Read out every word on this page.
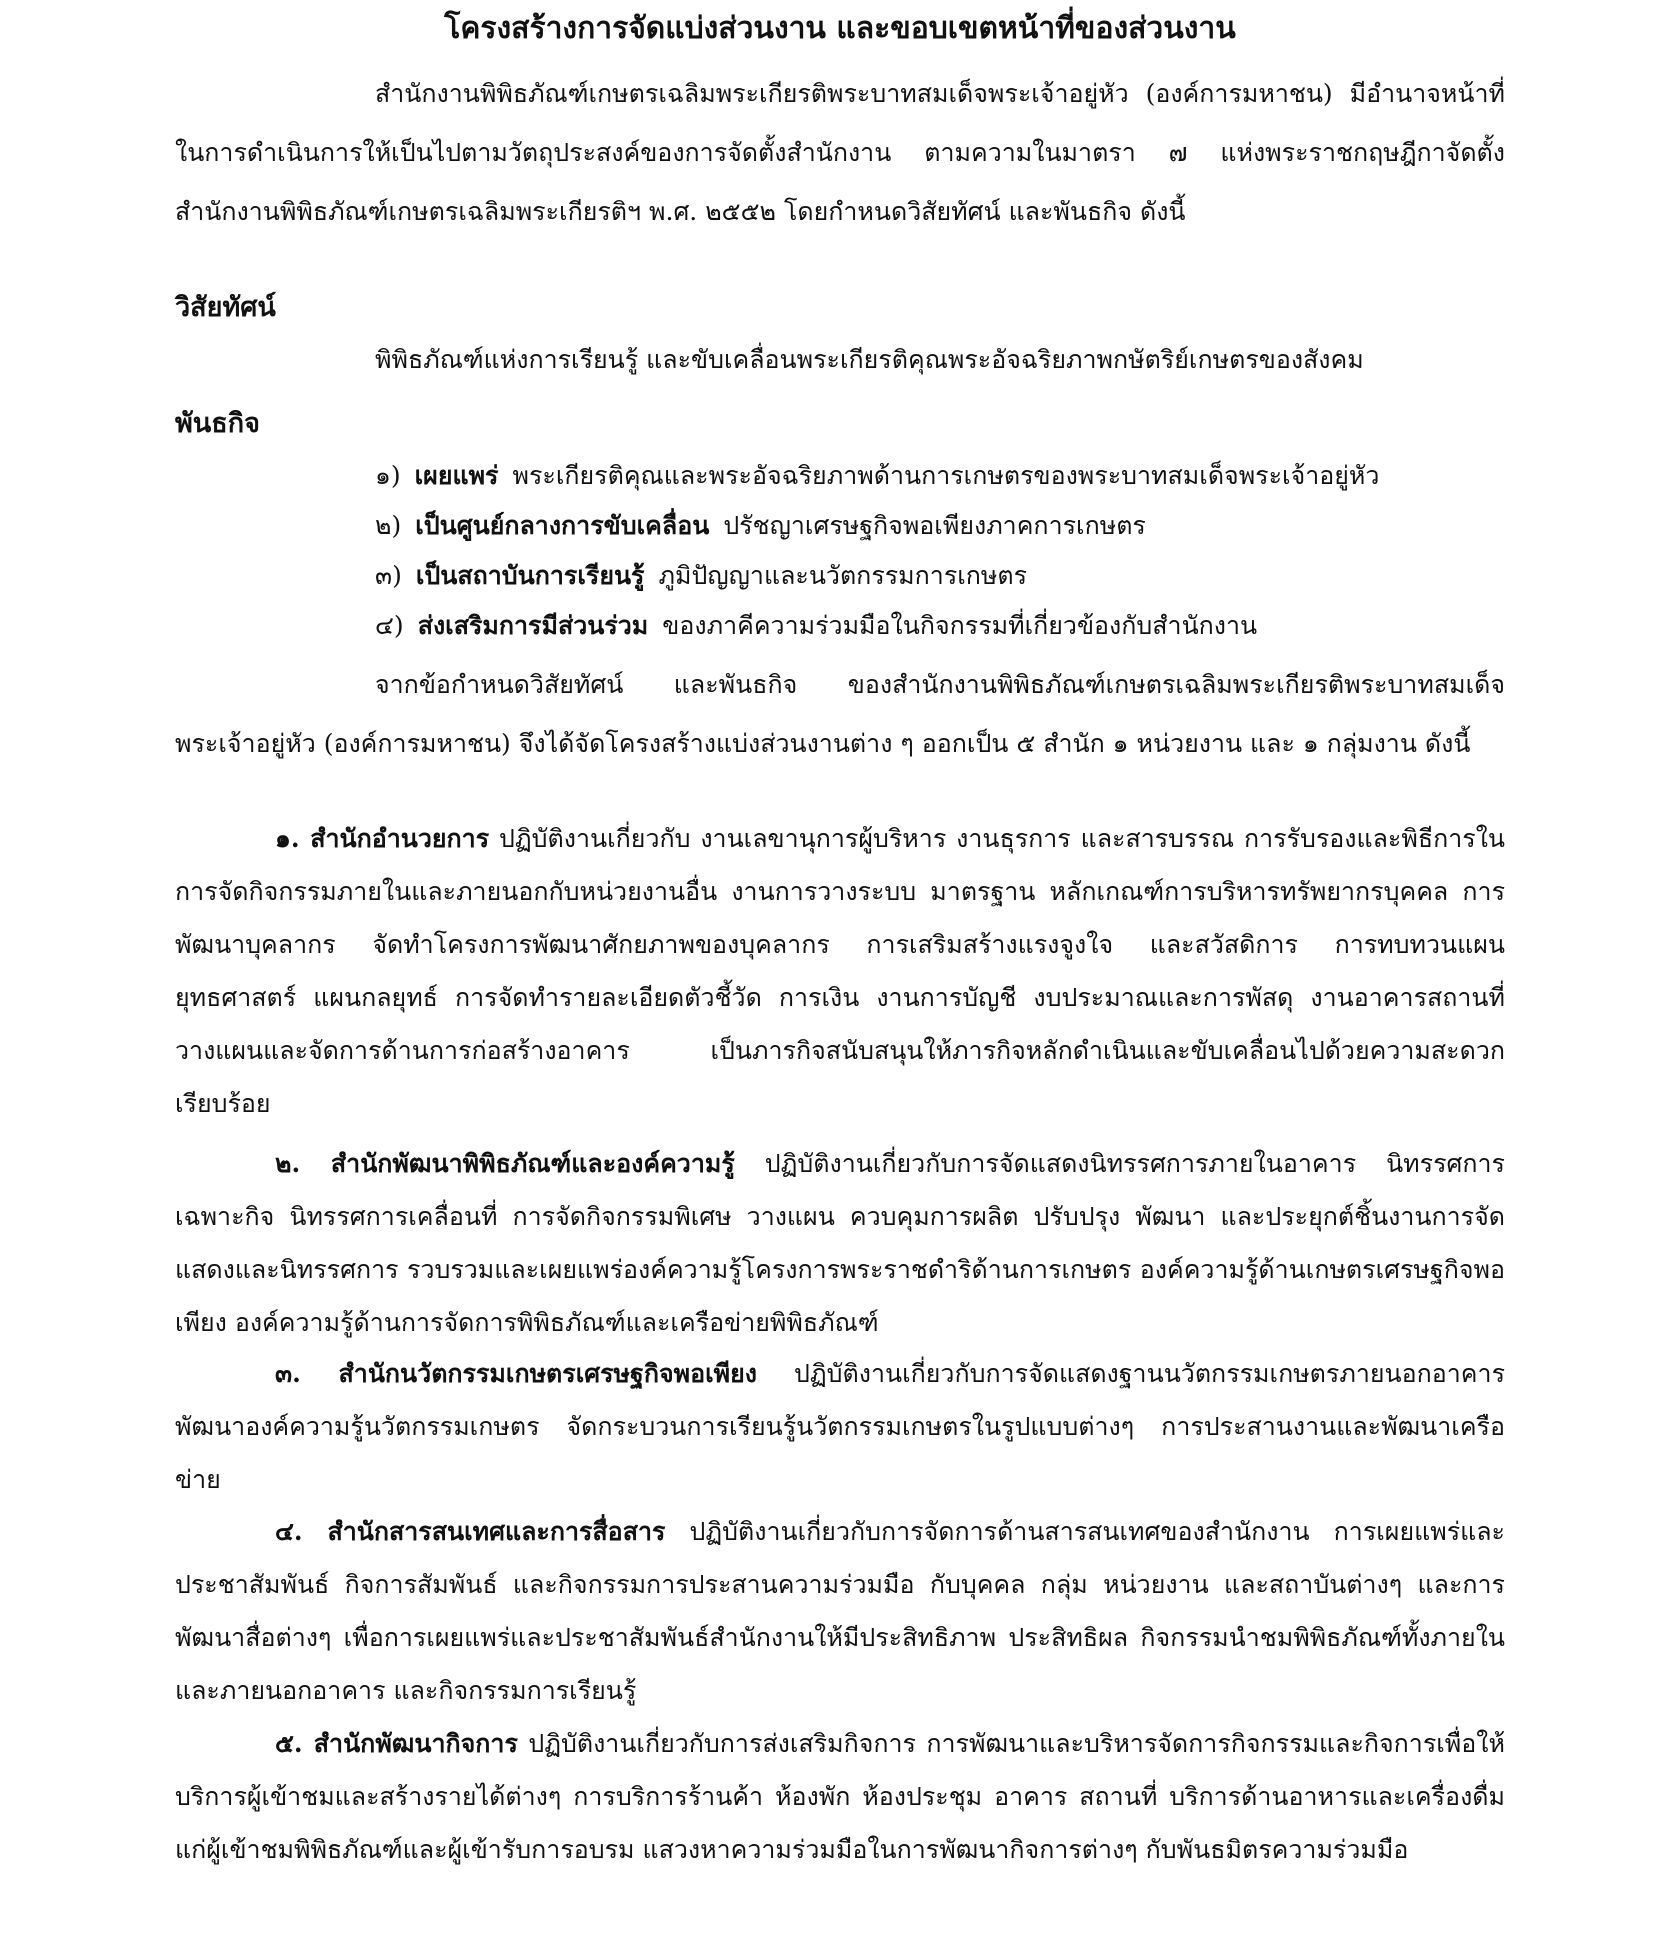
โครงสร้างการจัดแบ่งส่วนงาน และขอบเขตหน้าที่ของส่วนงาน
สำนักงานพิพิธภัณฑ์เกษตรเฉลิมพระเกียรติพระบาทสมเด็จพระเจ้าอยู่หัว (องค์การมหาชน) มีอำนาจหน้าที่ในการดำเนินการให้เป็นไปตามวัตถุประสงค์ของการจัดตั้งสำนักงาน ตามความในมาตรา ๗ แห่งพระราชกฤษฎีกาจัดตั้งสำนักงานพิพิธภัณฑ์เกษตรเฉลิมพระเกียรติฯ พ.ศ. ๒๕๕๒ โดยกำหนดวิสัยทัศน์ และพันธกิจ ดังนี้
วิสัยทัศน์
พิพิธภัณฑ์แห่งการเรียนรู้ และขับเคลื่อนพระเกียรติคุณพระอัจฉริยภาพกษัตริย์เกษตรของสังคม
พันธกิจ
๑) เผยแพร่ พระเกียรติคุณและพระอัจฉริยภาพด้านการเกษตรของพระบาทสมเด็จพระเจ้าอยู่หัว
๒) เป็นศูนย์กลางการขับเคลื่อน ปรัชญาเศรษฐกิจพอเพียงภาคการเกษตร
๓) เป็นสถาบันการเรียนรู้ ภูมิปัญญาและนวัตกรรมการเกษตร
๔) ส่งเสริมการมีส่วนร่วม ของภาคีความร่วมมือในกิจกรรมที่เกี่ยวข้องกับสำนักงาน
จากข้อกำหนดวิสัยทัศน์ และพันธกิจ ของสำนักงานพิพิธภัณฑ์เกษตรเฉลิมพระเกียรติพระบาทสมเด็จพระเจ้าอยู่หัว (องค์การมหาชน) จึงได้จัดโครงสร้างแบ่งส่วนงานต่าง ๆ ออกเป็น ๕ สำนัก ๑ หน่วยงาน และ ๑ กลุ่มงาน ดังนี้
๑. สำนักอำนวยการ ปฏิบัติงานเกี่ยวกับ งานเลขานุการผู้บริหาร งานธุรการ และสารบรรณ การรับรองและพิธีการในการจัดกิจกรรมภายในและภายนอกกับหน่วยงานอื่น งานการวางระบบ มาตรฐาน หลักเกณฑ์การบริหารทรัพยากรบุคคล การพัฒนาบุคลากร จัดทำโครงการพัฒนาศักยภาพของบุคลากร การเสริมสร้างแรงจูงใจ และสวัสดิการ การทบทวนแผนยุทธศาสตร์ แผนกลยุทธ์ การจัดทำรายละเอียดตัวชี้วัด การเงิน งานการบัญชี งบประมาณและการพัสดุ งานอาคารสถานที่ วางแผนและจัดการด้านการก่อสร้างอาคาร เป็นภารกิจสนับสนุนให้ภารกิจหลักดำเนินและขับเคลื่อนไปด้วยความสะดวกเรียบร้อย
๒. สำนักพัฒนาพิพิธภัณฑ์และองค์ความรู้ ปฏิบัติงานเกี่ยวกับการจัดแสดงนิทรรศการภายในอาคาร นิทรรศการเฉพาะกิจ นิทรรศการเคลื่อนที่ การจัดกิจกรรมพิเศษ วางแผน ควบคุมการผลิต ปรับปรุง พัฒนา และประยุกต์ชิ้นงานการจัดแสดงและนิทรรศการ รวบรวมและเผยแพร่องค์ความรู้โครงการพระราชดำริด้านการเกษตร องค์ความรู้ด้านเกษตรเศรษฐกิจพอเพียง องค์ความรู้ด้านการจัดการพิพิธภัณฑ์และเครือข่ายพิพิธภัณฑ์
๓. สำนักนวัตกรรมเกษตรเศรษฐกิจพอเพียง ปฏิบัติงานเกี่ยวกับการจัดแสดงฐานนวัตกรรมเกษตรภายนอกอาคาร พัฒนาองค์ความรู้นวัตกรรมเกษตร จัดกระบวนการเรียนรู้นวัตกรรมเกษตรในรูปแบบต่างๆ การประสานงานและพัฒนาเครือข่าย
๔. สำนักสารสนเทศและการสื่อสาร ปฏิบัติงานเกี่ยวกับการจัดการด้านสารสนเทศของสำนักงาน การเผยแพร่และประชาสัมพันธ์ กิจการสัมพันธ์ และกิจกรรมการประสานความร่วมมือ กับบุคคล กลุ่ม หน่วยงาน และสถาบันต่างๆ และการพัฒนาสื่อต่างๆ เพื่อการเผยแพร่และประชาสัมพันธ์สำนักงานให้มีประสิทธิภาพ ประสิทธิผล กิจกรรมนำชมพิพิธภัณฑ์ทั้งภายในและภายนอกอาคาร และกิจกรรมการเรียนรู้
๕. สำนักพัฒนากิจการ ปฏิบัติงานเกี่ยวกับการส่งเสริมกิจการ การพัฒนาและบริหารจัดการกิจกรรมและกิจการเพื่อให้บริการผู้เข้าชมและสร้างรายได้ต่างๆ การบริการร้านค้า ห้องพัก ห้องประชุม อาคาร สถานที่ บริการด้านอาหารและเครื่องดื่มแก่ผู้เข้าชมพิพิธภัณฑ์และผู้เข้ารับการอบรม แสวงหาความร่วมมือในการพัฒนากิจการต่างๆ กับพันธมิตรความร่วมมือ
